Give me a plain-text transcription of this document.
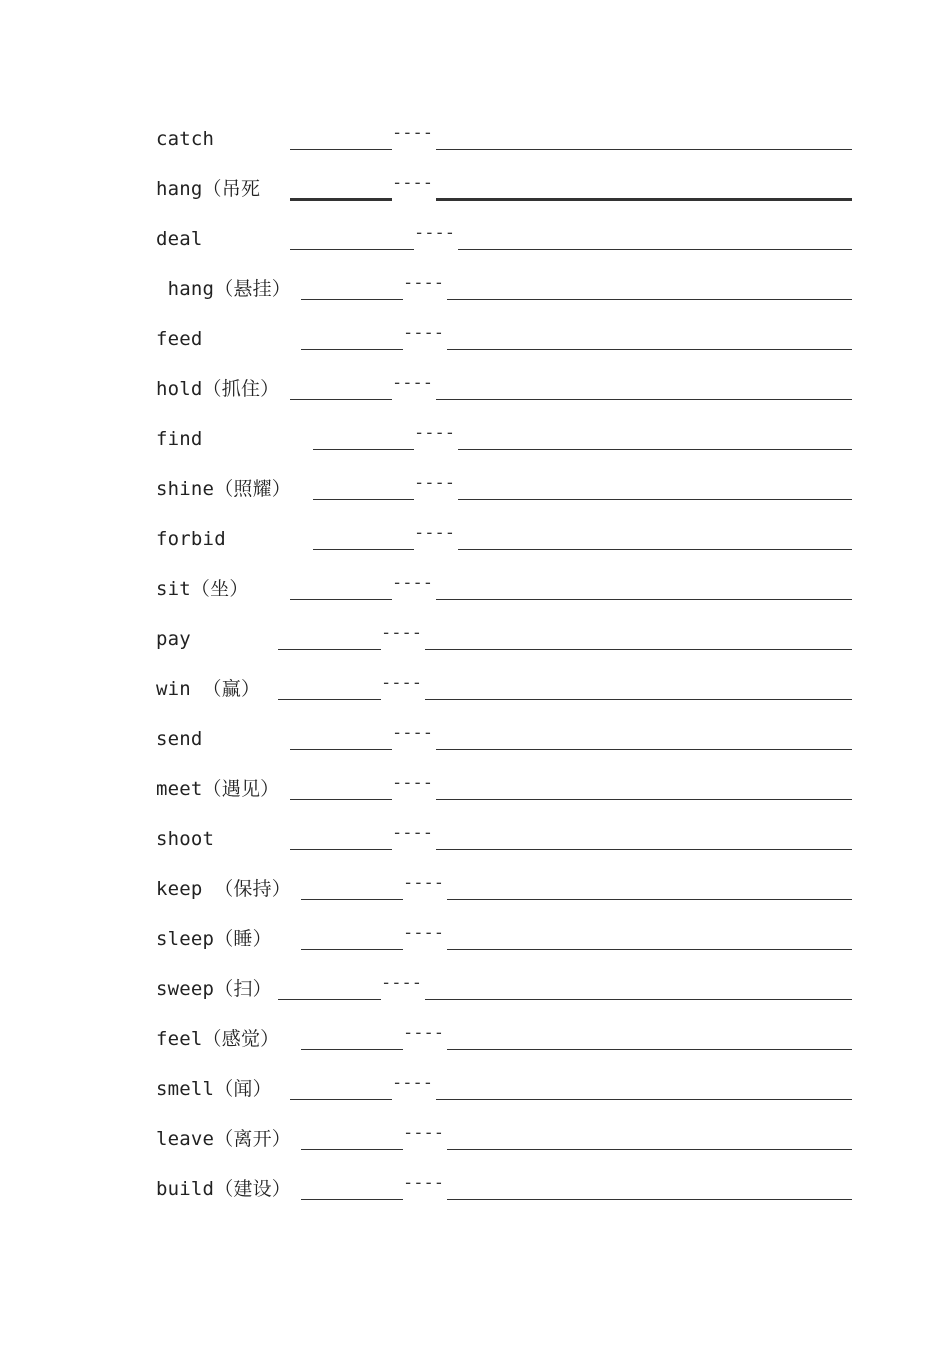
catch	----
hang（吊死	----
deal	----
hang（悬挂）	----
feed	----
hold（抓住）	----
find	----
shine（照耀）	----
forbid	----
sit（坐）	----
pay	----
win （赢）	----
send	----
meet（遇见）	----
shoot	----
keep （保持）	----
sleep（睡）	----
sweep（扫）	----
feel（感觉）	----
smell（闻）	----
leave（离开）	----
build（建设）	----
